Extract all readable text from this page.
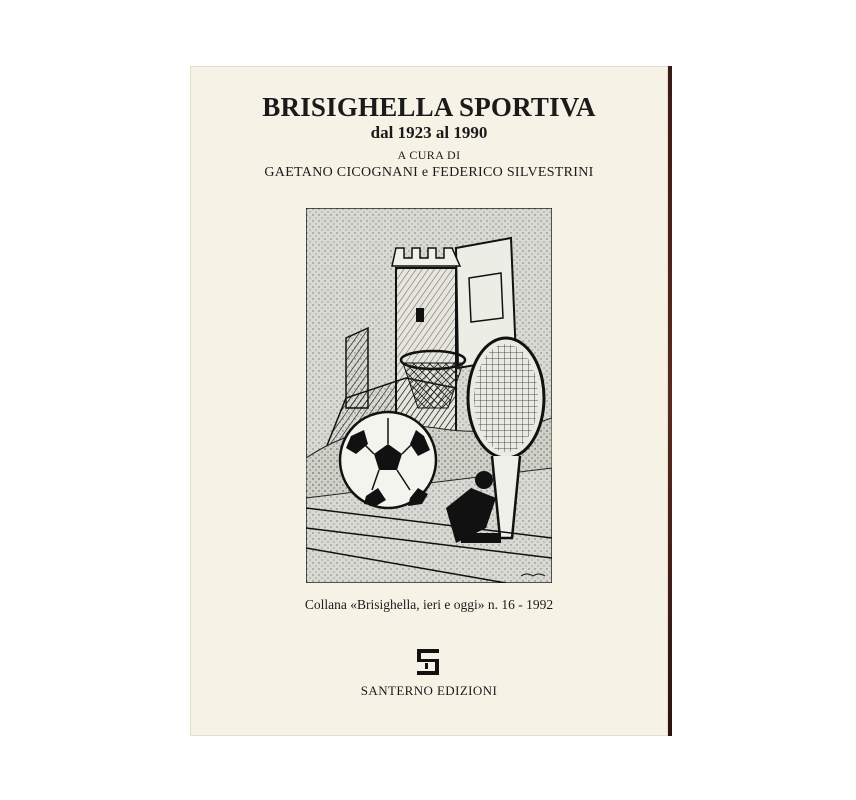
BRISIGHELLA SPORTIVA
dal 1923 al 1990
A CURA DI
GAETANO CICOGNANI e FEDERICO SILVESTRINI
Collana «Brisighella, ieri e oggi» n. 16 - 1992
SANTERNO EDIZIONI
